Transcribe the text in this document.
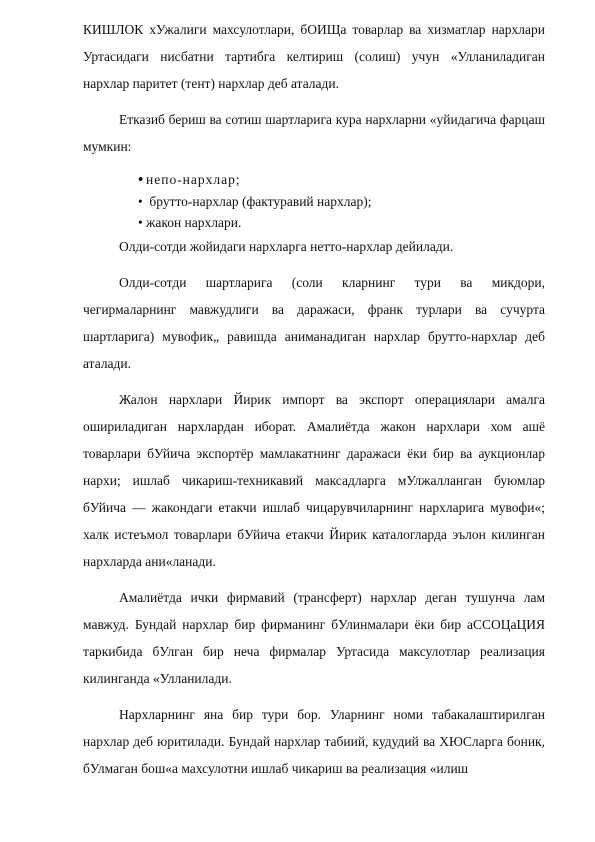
КИШЛОК хУжалиги махсулотлари, бОИЩа товарлар ва хизматлар нархлари Уртасидаги нисбатни тартибга келтириш (солиш) учун «Улланиладиган нархлар паритет (тент) нархлар деб аталади.

Етказиб бериш ва сотиш шартларига кура нархларни «уйидагича фарцаш мумкин:

• непо-нархлар;
• брутто-нархлар (фактуравий нархлар);
• жакон нархлари.

Олди-сотди жойидаги нархларга нетто-нархлар дейилади.

Олди-сотди шартларига (соли кларнинг тури ва микдори, чегирмаларнинг мавжудлиги ва даражаси, франк турлари ва сучурта шартларига) мувофик„ равишда аниманадиган нархлар брутто-нархлар деб аталади.

Жалон нархлари Йирик импорт ва экспорт операциялари амалга ошириладиган нархлардан иборат. Амалиётда жакон нархлари хом ашё товарлари бУйича экспортёр мамлакатнинг даражаси ёки бир ва аукционлар нархи; ишлаб чикариш-техникавий максадларга мУлжалланган буюмлар бУйича — жакондаги етакчи ишлаб чицарувчиларнинг нархларига мувофи«; халк истеъмол товарлари бУйича етакчи Йирик каталогларда эълон килинган нархларда ани«ланади.

Амалиётда ички фирмавий (трансферт) нархлар деган тушунча лам мавжуд. Бундай нархлар бир фирманинг бУлинмалари ёки бир аССОЦаЦИЯ таркибида бУлган бир неча фирмалар Уртасида максулотлар реализация килинганда «Улланилади.

Нархларнинг яна бир тури бор. Уларнинг номи табакалаштирилган нархлар деб юритилади. Бундай нархлар табиий, кудудий ва ХЮСларга боник, бУлмаган бош«а махсулотни ишлаб чикариш ва реализация «илиш
